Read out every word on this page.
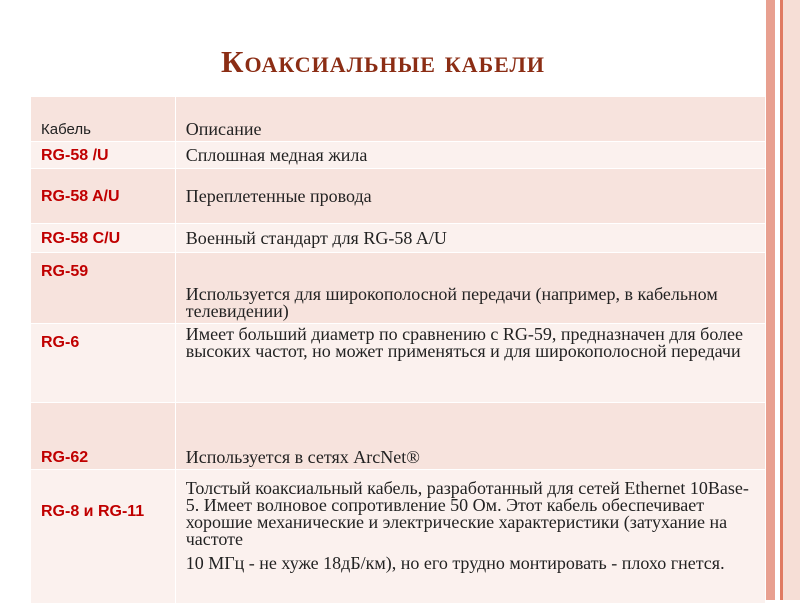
Коаксиальные кабели
Кабель	Описание
RG-58 /U	Сплошная медная жила
RG-58 A/U	Переплетенные провода
RG-58 C/U	Военный стандарт для RG-58 A/U
RG-59	Используется для широкополосной передачи (например, в кабельном телевидении)
RG-6	Имеет больший диаметр по сравнению с RG-59, предназначен для более высоких частот, но может применяться и для широкополосной передачи
RG-62	Используется в сетях ArcNet®
RG-8 и RG-11	Толстый коаксиальный кабель, разработанный для сетей Ethernet 10Base-5. Имеет волновое сопротивление 50 Ом. Этот кабель обеспечивает хорошие механические и электрические характеристики (затухание на частоте
10 МГц - не хуже 18дБ/км), но его трудно монтировать - плохо гнется.
